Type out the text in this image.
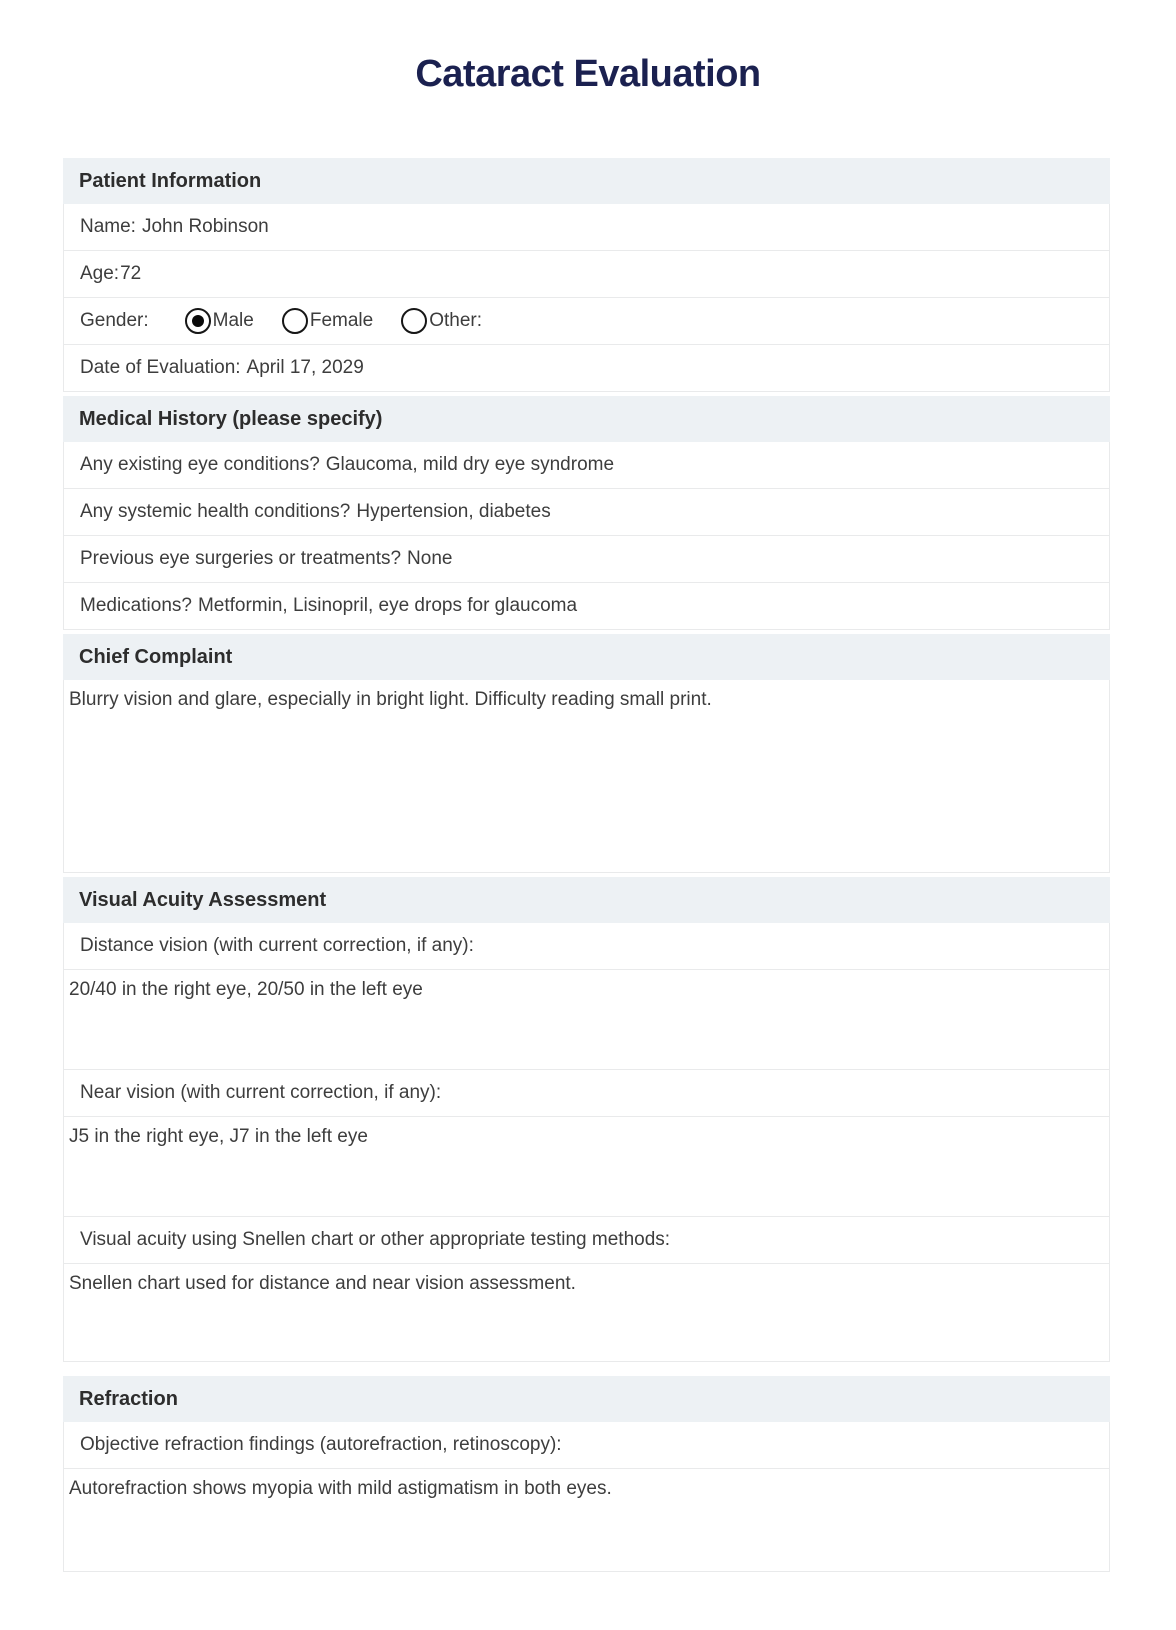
Cataract Evaluation
Patient Information
Name: John Robinson
Age:72
Gender:	Male	Female	Other:
Date of Evaluation: April 17, 2029
Medical History (please specify)
Any existing eye conditions? Glaucoma, mild dry eye syndrome
Any systemic health conditions? Hypertension, diabetes
Previous eye surgeries or treatments? None
Medications? Metformin, Lisinopril, eye drops for glaucoma
Chief Complaint
Blurry vision and glare, especially in bright light. Difficulty reading small print.
Visual Acuity Assessment
Distance vision (with current correction, if any):
20/40 in the right eye, 20/50 in the left eye
Near vision (with current correction, if any):
J5 in the right eye, J7 in the left eye
Visual acuity using Snellen chart or other appropriate testing methods:
Snellen chart used for distance and near vision assessment.
Refraction
Objective refraction findings (autorefraction, retinoscopy):
Autorefraction shows myopia with mild astigmatism in both eyes.
